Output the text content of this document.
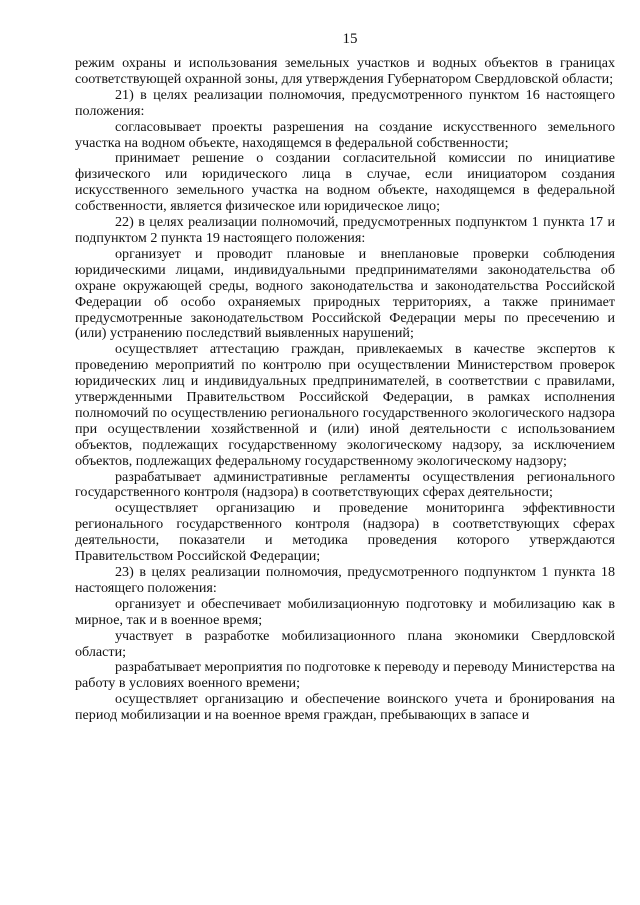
15

режим охраны и использования земельных участков и водных объектов в границах соответствующей охранной зоны, для утверждения Губернатором Свердловской области;

21) в целях реализации полномочия, предусмотренного пунктом 16 настоящего положения:

согласовывает проекты разрешения на создание искусственного земельного участка на водном объекте, находящемся в федеральной собственности;

принимает решение о создании согласительной комиссии по инициативе физического или юридического лица в случае, если инициатором создания искусственного земельного участка на водном объекте, находящемся в федеральной собственности, является физическое или юридическое лицо;

22) в целях реализации полномочий, предусмотренных подпунктом 1 пункта 17 и подпунктом 2 пункта 19 настоящего положения:

организует и проводит плановые и внеплановые проверки соблюдения юридическими лицами, индивидуальными предпринимателями законодательства об охране окружающей среды, водного законодательства и законодательства Российской Федерации об особо охраняемых природных территориях, а также принимает предусмотренные законодательством Российской Федерации меры по пресечению и (или) устранению последствий выявленных нарушений;

осуществляет аттестацию граждан, привлекаемых в качестве экспертов к проведению мероприятий по контролю при осуществлении Министерством проверок юридических лиц и индивидуальных предпринимателей, в соответствии с правилами, утвержденными Правительством Российской Федерации, в рамках исполнения полномочий по осуществлению регионального государственного экологического надзора при осуществлении хозяйственной и (или) иной деятельности с использованием объектов, подлежащих государственному экологическому надзору, за исключением объектов, подлежащих федеральному государственному экологическому надзору;

разрабатывает административные регламенты осуществления регионального государственного контроля (надзора) в соответствующих сферах деятельности;

осуществляет организацию и проведение мониторинга эффективности регионального государственного контроля (надзора) в соответствующих сферах деятельности, показатели и методика проведения которого утверждаются Правительством Российской Федерации;

23) в целях реализации полномочия, предусмотренного подпунктом 1 пункта 18 настоящего положения:

организует и обеспечивает мобилизационную подготовку и мобилизацию как в мирное, так и в военное время;

участвует в разработке мобилизационного плана экономики Свердловской области;

разрабатывает мероприятия по подготовке к переводу и переводу Министерства на работу в условиях военного времени;

осуществляет организацию и обеспечение воинского учета и бронирования на период мобилизации и на военное время граждан, пребывающих в запасе и
